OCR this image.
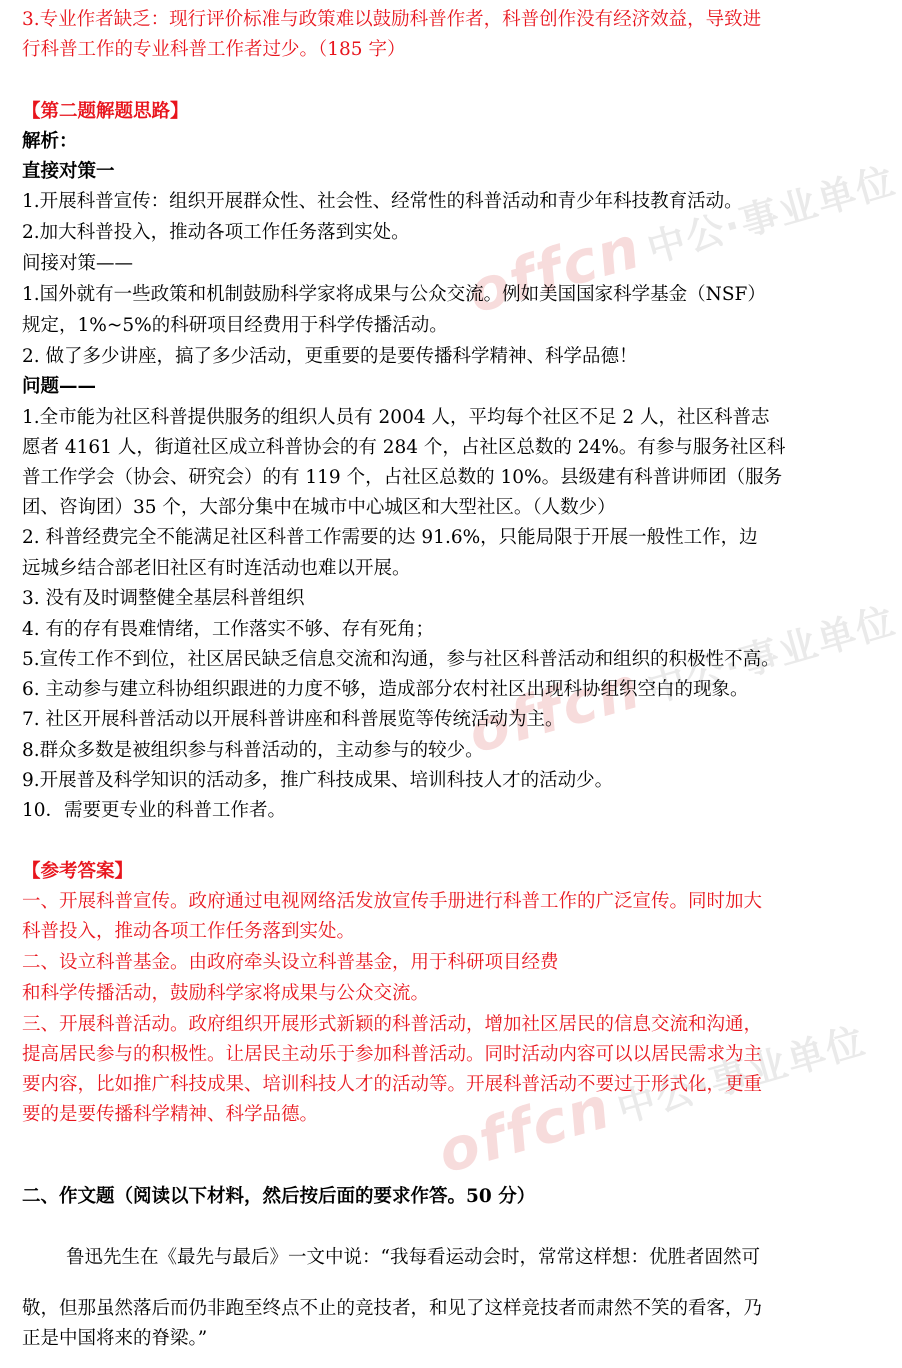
offcn 中公·事业单位
offcn 中公·事业单位
offcn 中公·事业单位
3.专业作者缺乏：现行评价标准与政策难以鼓励科普作者，科普创作没有经济效益，导致进
行科普工作的专业科普工作者过少。（185 字）
【第二题解题思路】
解析：
直接对策一
1.开展科普宣传：组织开展群众性、社会性、经常性的科普活动和青少年科技教育活动。
2.加大科普投入，推动各项工作任务落到实处。
间接对策——
1.国外就有一些政策和机制鼓励科学家将成果与公众交流。例如美国国家科学基金（NSF）
规定，1%~5%的科研项目经费用于科学传播活动。
2. 做了多少讲座，搞了多少活动，更重要的是要传播科学精神、科学品德！
问题——
1.全市能为社区科普提供服务的组织人员有 2004 人，平均每个社区不足 2 人，社区科普志
愿者 4161 人，街道社区成立科普协会的有 284 个，占社区总数的 24%。有参与服务社区科
普工作学会（协会、研究会）的有 119 个，占社区总数的 10%。县级建有科普讲师团（服务
团、咨询团）35 个，大部分集中在城市中心城区和大型社区。（人数少）
2. 科普经费完全不能满足社区科普工作需要的达 91.6%，只能局限于开展一般性工作，边
远城乡结合部老旧社区有时连活动也难以开展。
3. 没有及时调整健全基层科普组织
4. 有的存有畏难情绪，工作落实不够、存有死角；
5.宣传工作不到位，社区居民缺乏信息交流和沟通，参与社区科普活动和组织的积极性不高。
6. 主动参与建立科协组织跟进的力度不够，造成部分农村社区出现科协组织空白的现象。
7. 社区开展科普活动以开展科普讲座和科普展览等传统活动为主。
8.群众多数是被组织参与科普活动的，主动参与的较少。
9.开展普及科学知识的活动多，推广科技成果、培训科技人才的活动少。
10．需要更专业的科普工作者。
【参考答案】
一、开展科普宣传。政府通过电视网络活发放宣传手册进行科普工作的广泛宣传。同时加大
科普投入，推动各项工作任务落到实处。
二、设立科普基金。由政府牵头设立科普基金，用于科研项目经费
和科学传播活动，鼓励科学家将成果与公众交流。
三、开展科普活动。政府组织开展形式新颖的科普活动，增加社区居民的信息交流和沟通，
提高居民参与的积极性。让居民主动乐于参加科普活动。同时活动内容可以以居民需求为主
要内容，比如推广科技成果、培训科技人才的活动等。开展科普活动不要过于形式化，更重
要的是要传播科学精神、科学品德。
二、作文题（阅读以下材料，然后按后面的要求作答。50 分）
鲁迅先生在《最先与最后》一文中说：“我每看运动会时，常常这样想：优胜者固然可
敬，但那虽然落后而仍非跑至终点不止的竞技者，和见了这样竞技者而肃然不笑的看客，乃
正是中国将来的脊梁。”
